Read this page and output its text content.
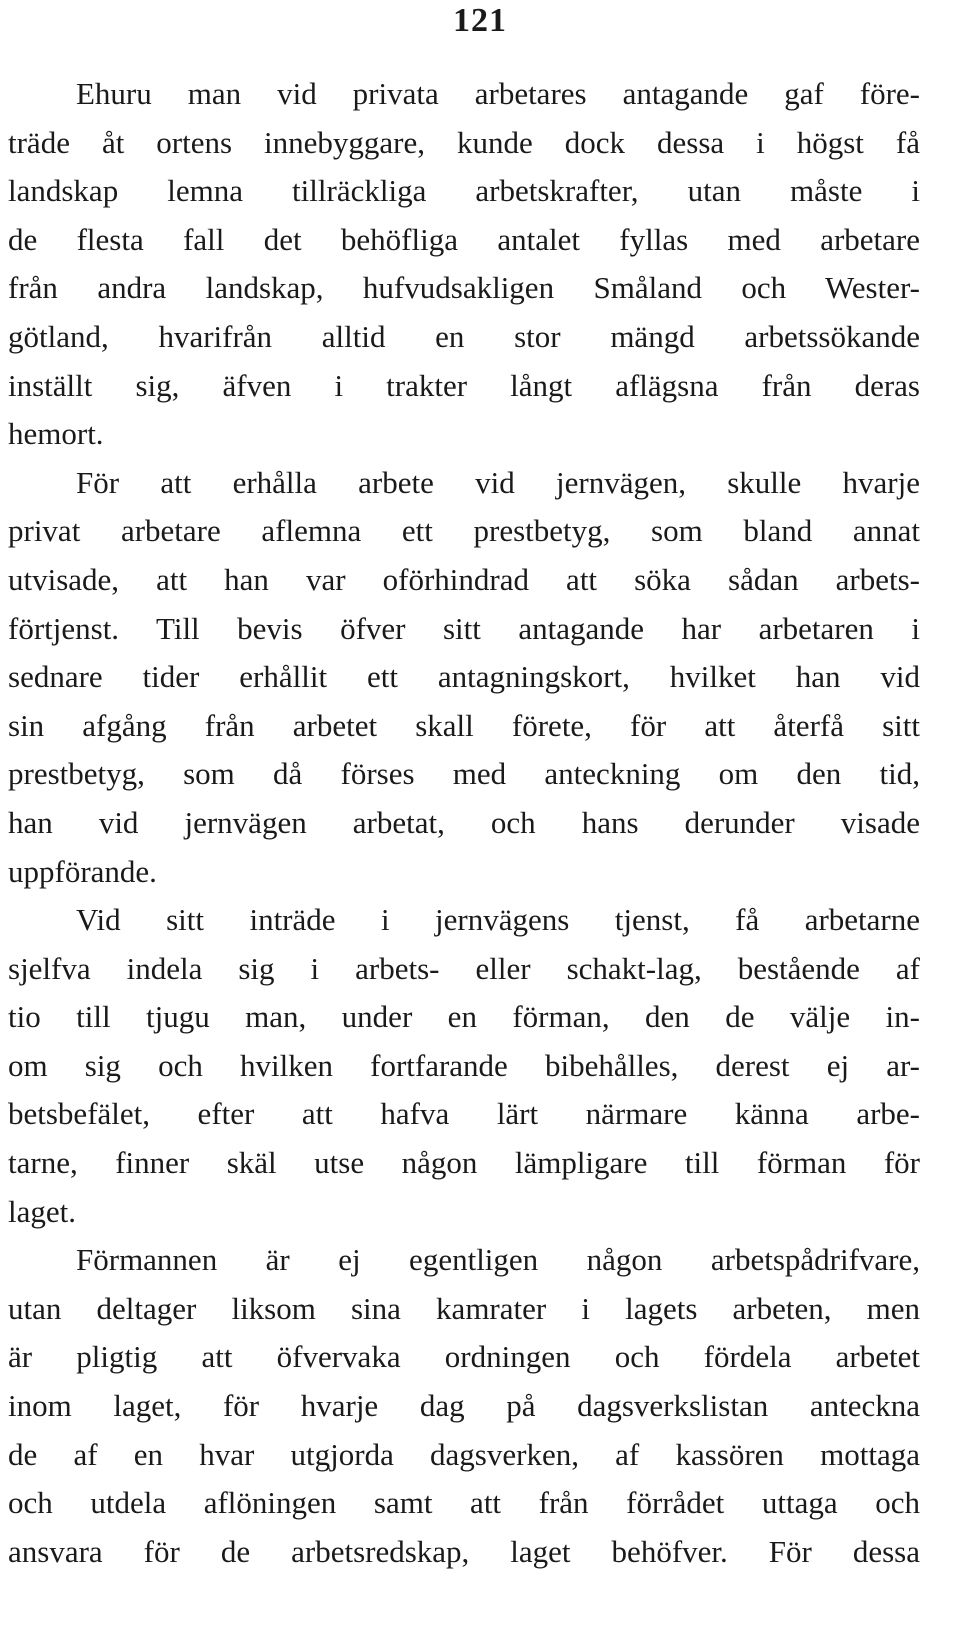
121
Ehuru man vid privata arbetares antagande gaf före-
träde åt ortens innebyggare, kunde dock dessa i högst få
landskap lemna tillräckliga arbetskrafter, utan måste i
de flesta fall det behöfliga antalet fyllas med arbetare
från andra landskap, hufvudsakligen Småland och Wester-
götland, hvarifrån alltid en stor mängd arbetssökande
inställt sig, äfven i trakter långt aflägsna från deras
hemort.
För att erhålla arbete vid jernvägen, skulle hvarje
privat arbetare aflemna ett prestbetyg, som bland annat
utvisade, att han var oförhindrad att söka sådan arbets-
förtjenst. Till bevis öfver sitt antagande har arbetaren i
sednare tider erhållit ett antagningskort, hvilket han vid
sin afgång från arbetet skall förete, för att återfå sitt
prestbetyg, som då förses med anteckning om den tid,
han vid jernvägen arbetat, och hans derunder visade
uppförande.
Vid sitt inträde i jernvägens tjenst, få arbetarne
sjelfva indela sig i arbets- eller schakt-lag, bestående af
tio till tjugu man, under en förman, den de välje in-
om sig och hvilken fortfarande bibehålles, derest ej ar-
betsbefälet, efter att hafva lärt närmare känna arbe-
tarne, finner skäl utse någon lämpligare till förman för
laget.
Förmannen är ej egentligen någon arbetspådrifvare,
utan deltager liksom sina kamrater i lagets arbeten, men
är pligtig att öfvervaka ordningen och fördela arbetet
inom laget, för hvarje dag på dagsverkslistan anteckna
de af en hvar utgjorda dagsverken, af kassören mottaga
och utdela aflöningen samt att från förrådet uttaga och
ansvara för de arbetsredskap, laget behöfver. För dessa
